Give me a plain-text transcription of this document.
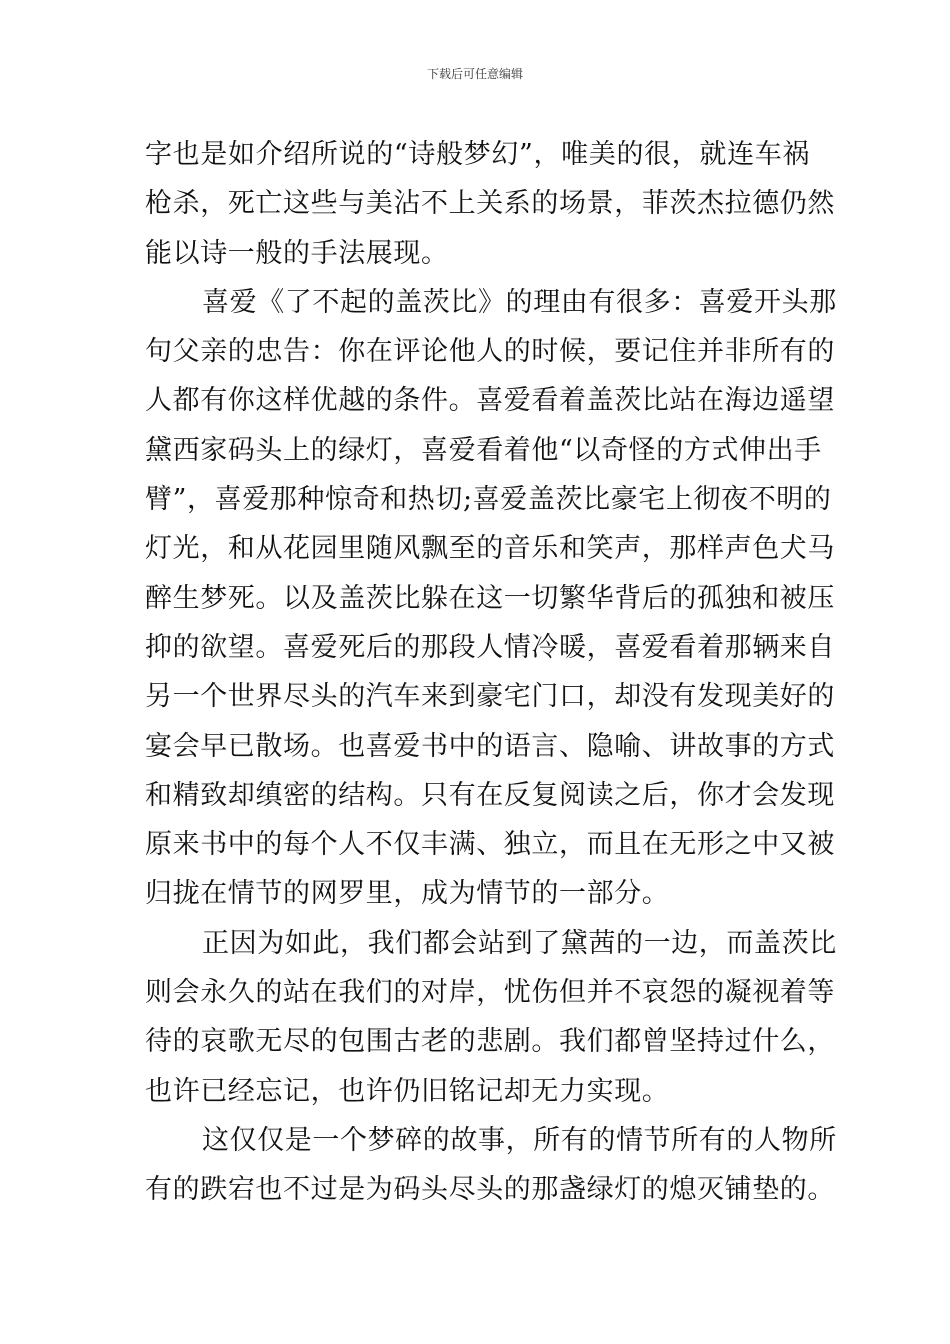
下载后可任意编辑
字也是如介绍所说的“诗般梦幻”，唯美的很，就连车祸
枪杀，死亡这些与美沾不上关系的场景，菲茨杰拉德仍然
能以诗一般的手法展现。
喜爱《了不起的盖茨比》的理由有很多：喜爱开头那
句父亲的忠告：你在评论他人的时候，要记住并非所有的
人都有你这样优越的条件。喜爱看着盖茨比站在海边遥望
黛西家码头上的绿灯，喜爱看着他“以奇怪的方式伸出手
臂”，喜爱那种惊奇和热切;喜爱盖茨比豪宅上彻夜不明的
灯光，和从花园里随风飘至的音乐和笑声，那样声色犬马
醉生梦死。以及盖茨比躲在这一切繁华背后的孤独和被压
抑的欲望。喜爱死后的那段人情冷暖，喜爱看着那辆来自
另一个世界尽头的汽车来到豪宅门口，却没有发现美好的
宴会早已散场。也喜爱书中的语言、隐喻、讲故事的方式
和精致却缜密的结构。只有在反复阅读之后，你才会发现
原来书中的每个人不仅丰满、独立，而且在无形之中又被
归拢在情节的网罗里，成为情节的一部分。
正因为如此，我们都会站到了黛茜的一边，而盖茨比
则会永久的站在我们的对岸，忧伤但并不哀怨的凝视着等
待的哀歌无尽的包围古老的悲剧。我们都曾坚持过什么，
也许已经忘记，也许仍旧铭记却无力实现。
这仅仅是一个梦碎的故事，所有的情节所有的人物所
有的跌宕也不过是为码头尽头的那盏绿灯的熄灭铺垫的。
